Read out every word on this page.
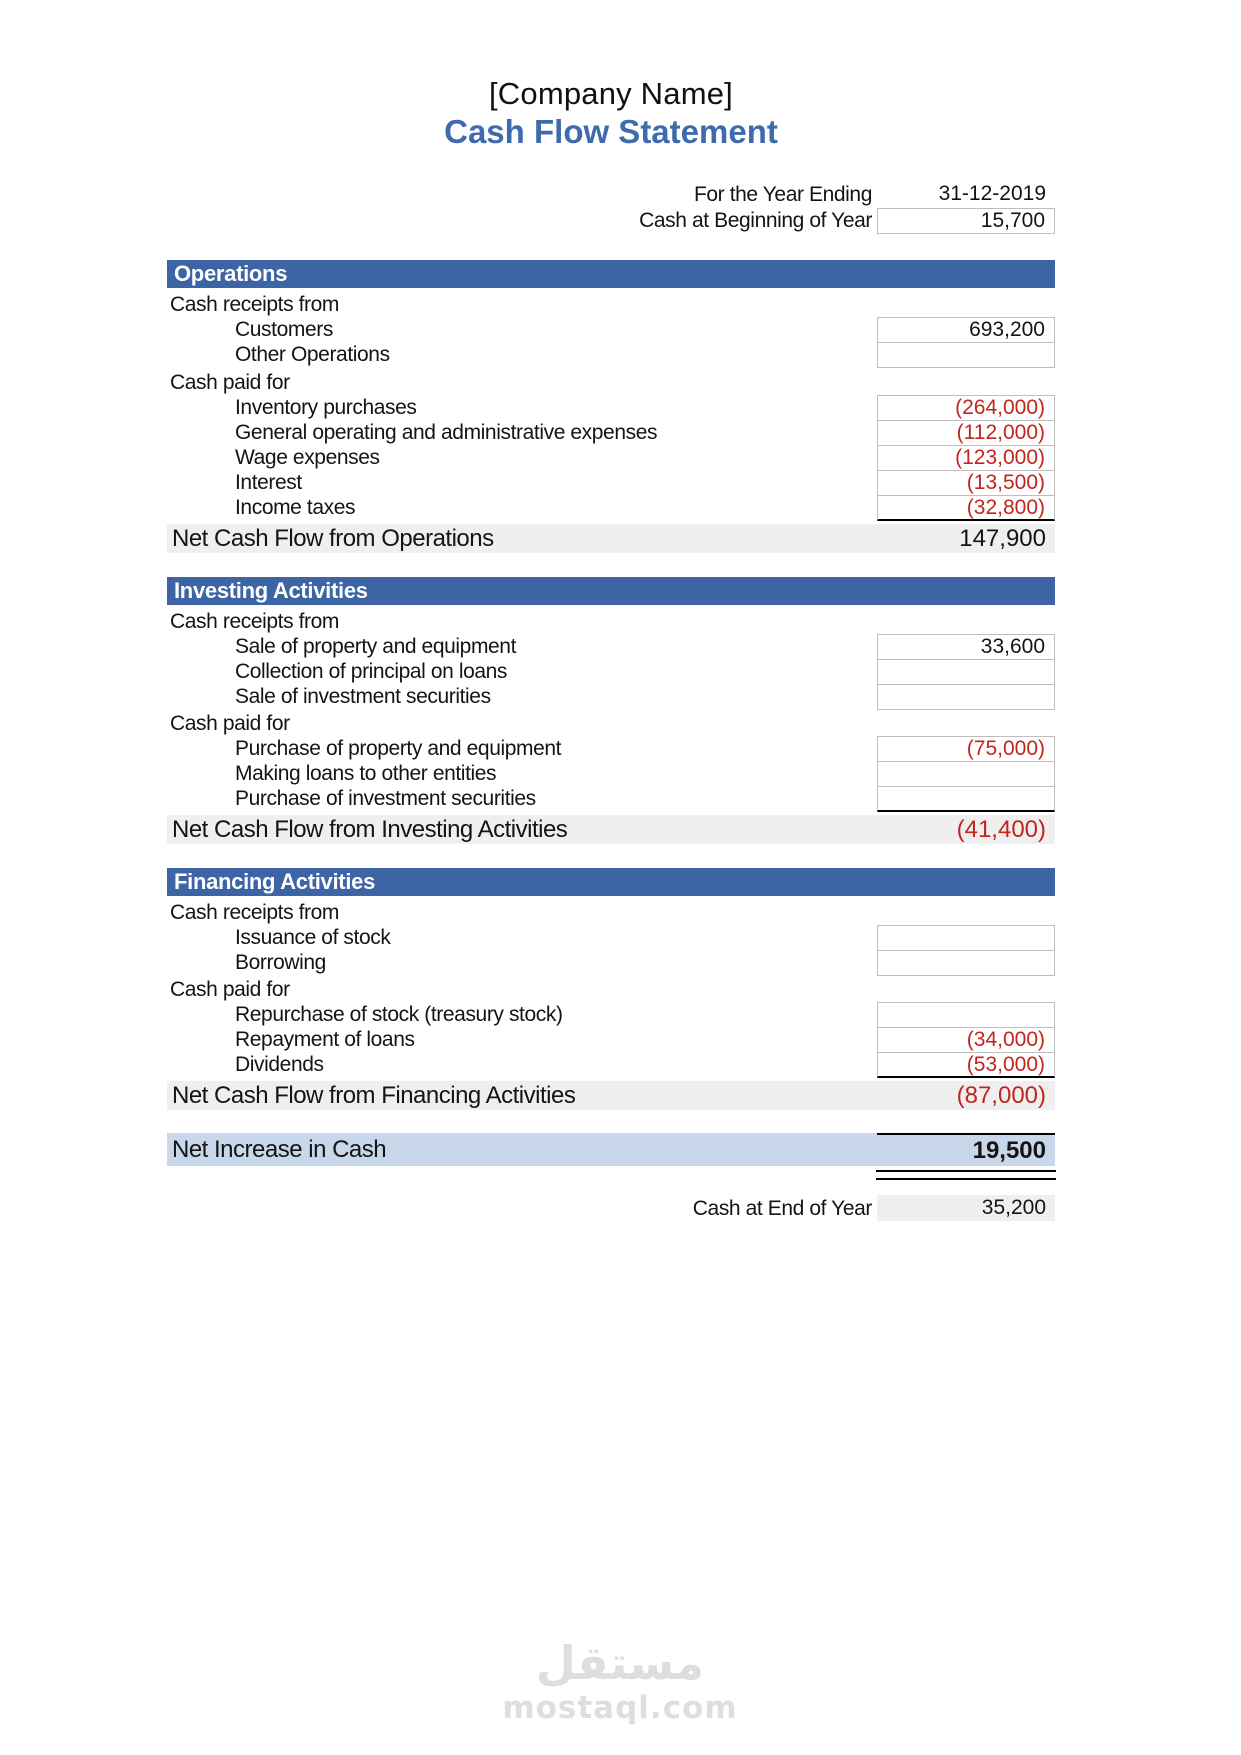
[Company Name]
Cash Flow Statement
For the Year Ending	31-12-2019
Cash at Beginning of Year	15,700
Operations
Cash receipts from
Customers	693,200
Other Operations
Cash paid for
Inventory purchases	(264,000)
General operating and administrative expenses	(112,000)
Wage expenses	(123,000)
Interest	(13,500)
Income taxes	(32,800)
Net Cash Flow from Operations	147,900
Investing Activities
Cash receipts from
Sale of property and equipment	33,600
Collection of principal on loans
Sale of investment securities
Cash paid for
Purchase of property and equipment	(75,000)
Making loans to other entities
Purchase of investment securities
Net Cash Flow from Investing Activities	(41,400)
Financing Activities
Cash receipts from
Issuance of stock
Borrowing
Cash paid for
Repurchase of stock (treasury stock)
Repayment of loans	(34,000)
Dividends	(53,000)
Net Cash Flow from Financing Activities	(87,000)
Net Increase in Cash	19,500
Cash at End of Year	35,200
مستقل
mostaql.com
